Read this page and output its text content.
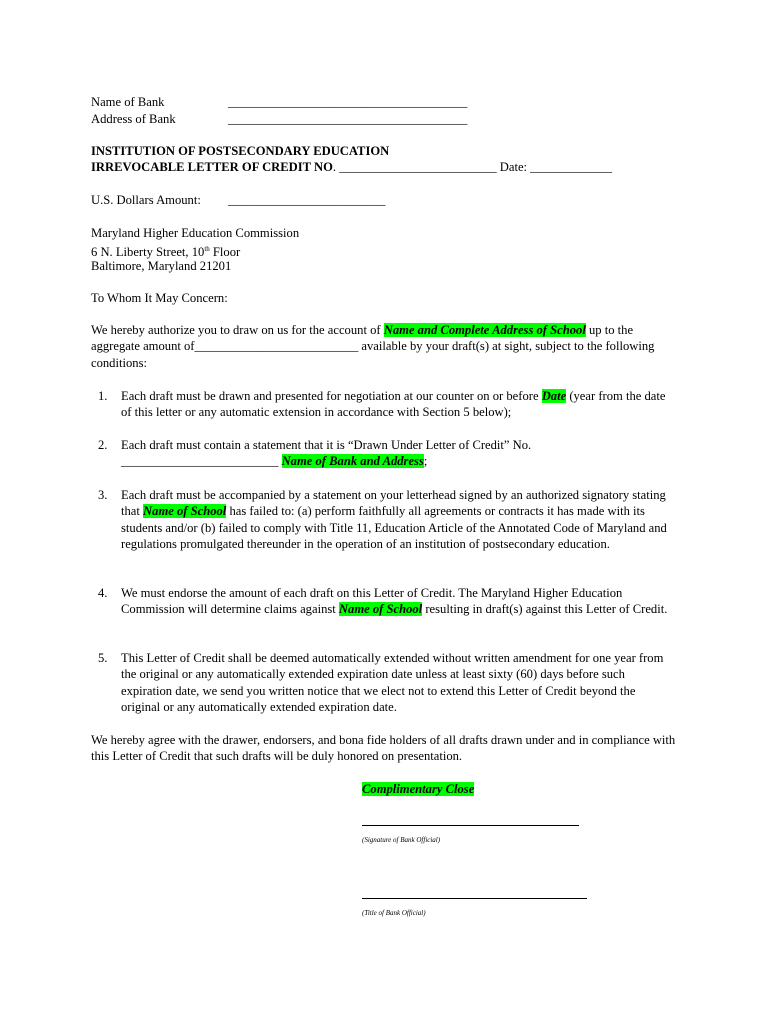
Name of Bank	______________________________________
Address of Bank	______________________________________
INSTITUTION OF POSTSECONDARY EDUCATION
IRREVOCABLE LETTER OF CREDIT NO. _________________________ Date: _____________
U.S. Dollars Amount: _________________________
Maryland Higher Education Commission
6 N. Liberty Street, 10th Floor
Baltimore, Maryland 21201
To Whom It May Concern:
We hereby authorize you to draw on us for the account of Name and Complete Address of School up to the aggregate amount of__________________________ available by your draft(s) at sight, subject to the following conditions:
1. Each draft must be drawn and presented for negotiation at our counter on or before Date (year from the date of this letter or any automatic extension in accordance with Section 5 below);
2. Each draft must contain a statement that it is “Drawn Under Letter of Credit” No. _________________________ Name of Bank and Address;
3. Each draft must be accompanied by a statement on your letterhead signed by an authorized signatory stating that Name of School has failed to: (a) perform faithfully all agreements or contracts it has made with its students and/or (b) failed to comply with Title 11, Education Article of the Annotated Code of Maryland and regulations promulgated thereunder in the operation of an institution of postsecondary education.
4. We must endorse the amount of each draft on this Letter of Credit. The Maryland Higher Education Commission will determine claims against Name of School resulting in draft(s) against this Letter of Credit.
5. This Letter of Credit shall be deemed automatically extended without written amendment for one year from the original or any automatically extended expiration date unless at least sixty (60) days before such expiration date, we send you written notice that we elect not to extend this Letter of Credit beyond the original or any automatically extended expiration date.
We hereby agree with the drawer, endorsers, and bona fide holders of all drafts drawn under and in compliance with this Letter of Credit that such drafts will be duly honored on presentation.
Complimentary Close
(Signature of Bank Official)
(Title of Bank Official)
